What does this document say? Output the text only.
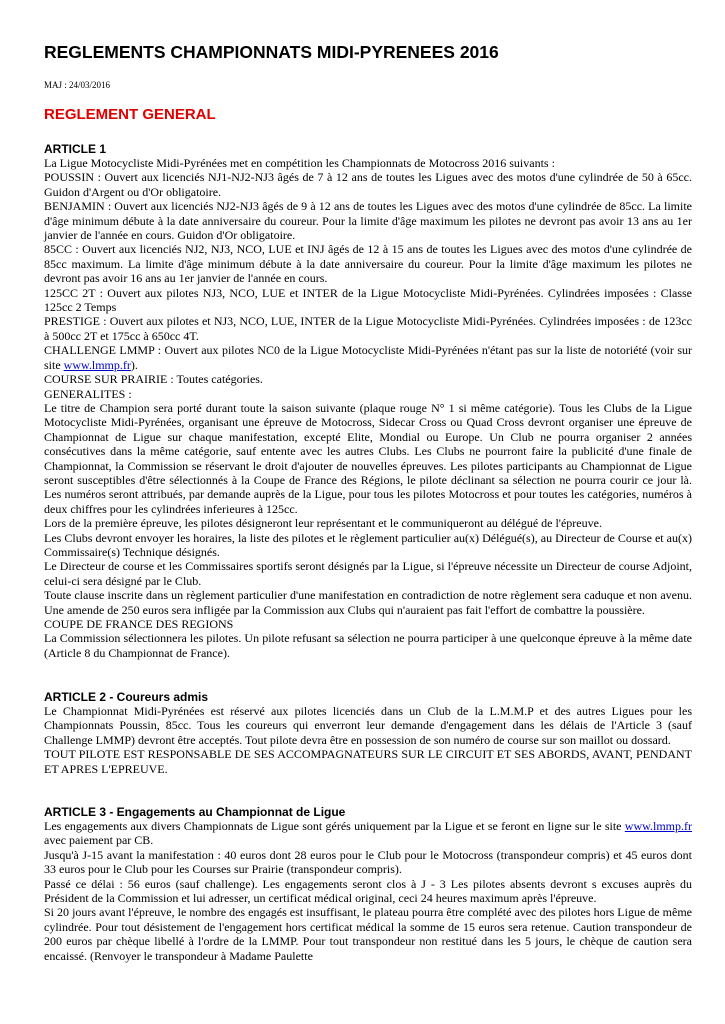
REGLEMENTS CHAMPIONNATS MIDI-PYRENEES 2016
MAJ : 24/03/2016
REGLEMENT GENERAL
ARTICLE 1

La Ligue Motocycliste Midi-Pyrénées met en compétition les Championnats de Motocross 2016 suivants :

POUSSIN : Ouvert aux licenciés NJ1-NJ2-NJ3 âgés de 7 à 12 ans de toutes les Ligues avec des motos d'une cylindrée de 50 à 65cc. Guidon d'Argent ou d'Or obligatoire.

BENJAMIN : Ouvert aux licenciés NJ2-NJ3 âgés de 9 à 12 ans de toutes les Ligues avec des motos d'une cylindrée de 85cc. La limite d'âge minimum débute à la date anniversaire du coureur. Pour la limite d'âge maximum les pilotes ne devront pas avoir 13 ans au 1er janvier de l'année en cours. Guidon d'Or obligatoire.

85CC : Ouvert aux licenciés NJ2, NJ3, NCO, LUE et INJ âgés de 12 à 15 ans de toutes les Ligues avec des motos d'une cylindrée de 85cc maximum. La limite d'âge minimum débute à la date anniversaire du coureur. Pour la limite d'âge maximum les pilotes ne devront pas avoir 16 ans au 1er janvier de l'année en cours.

125CC 2T : Ouvert aux pilotes NJ3, NCO, LUE et INTER de la Ligue Motocycliste Midi-Pyrénées. Cylindrées imposées : Classe 125cc 2 Temps

PRESTIGE : Ouvert aux pilotes et NJ3, NCO, LUE, INTER de la Ligue Motocycliste Midi-Pyrénées. Cylindrées imposées : de 123cc à 500cc 2T et 175cc à 650cc 4T.

CHALLENGE LMMP : Ouvert aux pilotes NC0 de la Ligue Motocycliste Midi-Pyrénées n'étant pas sur la liste de notoriété (voir sur site www.lmmp.fr).

COURSE SUR PRAIRIE : Toutes catégories.

GENERALITES :

Le titre de Champion sera porté durant toute la saison suivante (plaque rouge N° 1 si même catégorie). Tous les Clubs de la Ligue Motocycliste Midi-Pyrénées, organisant une épreuve de Motocross, Sidecar Cross ou Quad Cross devront organiser une épreuve de Championnat de Ligue sur chaque manifestation, excepté Elite, Mondial ou Europe. Un Club ne pourra organiser 2 années consécutives dans la même catégorie, sauf entente avec les autres Clubs. Les Clubs ne pourront faire la publicité d'une finale de Championnat, la Commission se réservant le droit d'ajouter de nouvelles épreuves. Les pilotes participants au Championnat de Ligue seront susceptibles d'être sélectionnés à la Coupe de France des Régions, le pilote déclinant sa sélection ne pourra courir ce jour là. Les numéros seront attribués, par demande auprès de la Ligue, pour tous les pilotes Motocross et pour toutes les catégories, numéros à deux chiffres pour les cylindrées inferieures à 125cc.

Lors de la première épreuve, les pilotes désigneront leur représentant et le communiqueront au délégué de l'épreuve.

Les Clubs devront envoyer les horaires, la liste des pilotes et le règlement particulier au(x) Délégué(s), au Directeur de Course et au(x) Commissaire(s) Technique désignés.

Le Directeur de course et les Commissaires sportifs seront désignés par la Ligue, si l'épreuve nécessite un Directeur de course Adjoint, celui-ci sera désigné par le Club.

Toute clause inscrite dans un règlement particulier d'une manifestation en contradiction de notre règlement sera caduque et non avenu. Une amende de 250 euros sera infligée par la Commission aux Clubs qui n'auraient pas fait l'effort de combattre la poussière.

COUPE DE FRANCE DES REGIONS

La Commission sélectionnera les pilotes. Un pilote refusant sa sélection ne pourra participer à une quelconque épreuve à la même date (Article 8 du Championnat de France).

ARTICLE 2 - Coureurs admis

Le Championnat Midi-Pyrénées est réservé aux pilotes licenciés dans un Club de la L.M.M.P et des autres Ligues pour les Championnats Poussin, 85cc. Tous les coureurs qui enverront leur demande d'engagement dans les délais de l'Article 3 (sauf Challenge LMMP) devront être acceptés. Tout pilote devra être en possession de son numéro de course sur son maillot ou dossard.

TOUT PILOTE EST RESPONSABLE DE SES ACCOMPAGNATEURS SUR LE CIRCUIT ET SES ABORDS, AVANT, PENDANT ET APRES L'EPREUVE.

ARTICLE 3 - Engagements au Championnat de Ligue

Les engagements aux divers Championnats de Ligue sont gérés uniquement par la Ligue et se feront en ligne sur le site www.lmmp.fr avec paiement par CB.

Jusqu'à J-15 avant la manifestation : 40 euros dont 28 euros pour le Club pour le Motocross (transpondeur compris) et 45 euros dont 33 euros pour le Club pour les Courses sur Prairie (transpondeur compris).

Passé ce délai : 56 euros (sauf challenge). Les engagements seront clos à J - 3 Les pilotes absents devront s excuses auprès du Président de la Commission et lui adresser, un certificat médical original, ceci 24 heures maximum après l'épreuve.

Si 20 jours avant l'épreuve, le nombre des engagés est insuffisant, le plateau pourra être complété avec des pilotes hors Ligue de même cylindrée. Pour tout désistement de l'engagement hors certificat médical la somme de 15 euros sera retenue. Caution transpondeur de 200 euros par chèque libellé à l'ordre de la LMMP. Pour tout transpondeur non restitué dans les 5 jours, le chèque de caution sera encaissé. (Renvoyer le transpondeur à Madame Paulette
